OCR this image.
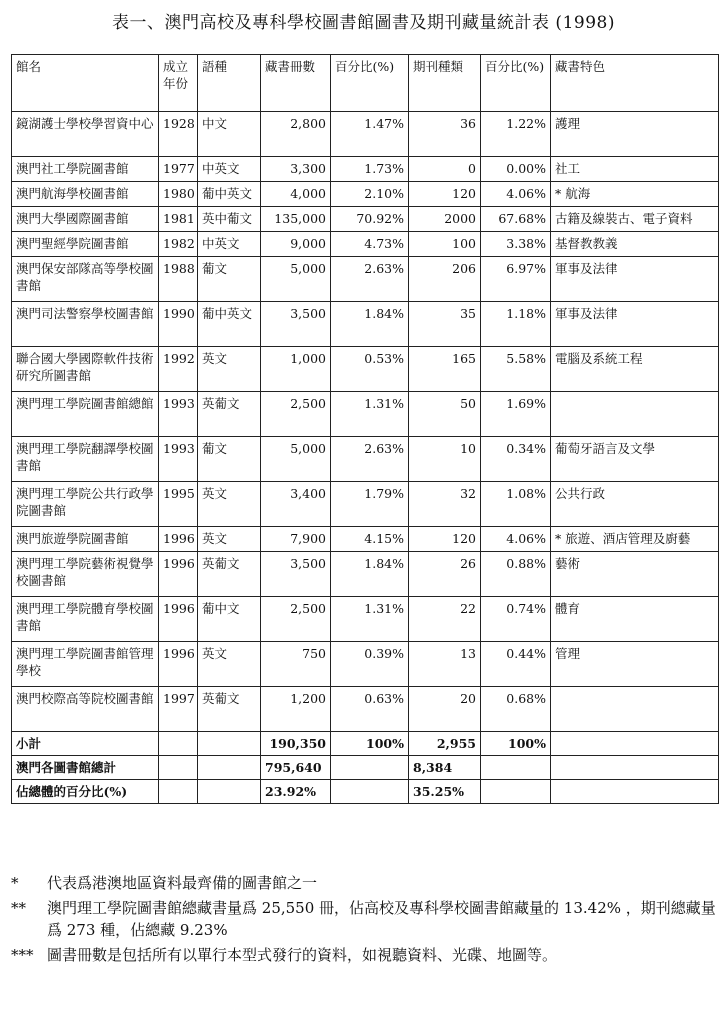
表一、澳門高校及專科學校圖書館圖書及期刊藏量統計表 (1998)
館名	成立年份	語種	藏書冊數	百分比(%)	期刊種類	百分比(%)	藏書特色
鏡湖護士學校學習資中心	1928	中文	2,800	1.47%	36	1.22%	護理
澳門社工學院圖書館	1977	中英文	3,300	1.73%	0	0.00%	社工
澳門航海學校圖書館	1980	葡中英文	4,000	2.10%	120	4.06%	* 航海
澳門大學國際圖書館	1981	英中葡文	135,000	70.92%	2000	67.68%	古籍及線裝古、電子資料
澳門聖經學院圖書館	1982	中英文	9,000	4.73%	100	3.38%	基督教教義
澳門保安部隊高等學校圖書館	1988	葡文	5,000	2.63%	206	6.97%	軍事及法律
澳門司法警察學校圖書館	1990	葡中英文	3,500	1.84%	35	1.18%	軍事及法律
聯合國大學國際軟件技術研究所圖書館	1992	英文	1,000	0.53%	165	5.58%	電腦及系統工程
澳門理工學院圖書館總館	1993	英葡文	2,500	1.31%	50	1.69%	
澳門理工學院翻譯學校圖書館	1993	葡文	5,000	2.63%	10	0.34%	葡萄牙語言及文學
澳門理工學院公共行政學院圖書館	1995	英文	3,400	1.79%	32	1.08%	公共行政
澳門旅遊學院圖書館	1996	英文	7,900	4.15%	120	4.06%	* 旅遊、酒店管理及廚藝
澳門理工學院藝術視覺學校圖書館	1996	英葡文	3,500	1.84%	26	0.88%	藝術
澳門理工學院體育學校圖書館	1996	葡中文	2,500	1.31%	22	0.74%	體育
澳門理工學院圖書館管理學校	1996	英文	750	0.39%	13	0.44%	管理
澳門校際高等院校圖書館	1997	英葡文	1,200	0.63%	20	0.68%	
小計			190,350	100%	2,955	100%	
澳門各圖書館總計			795,640		8,384		
佔總體的百分比(%)			23.92%		35.25%		
*	代表爲港澳地區資料最齊備的圖書館之一
**	澳門理工學院圖書館總藏書量爲 25,550 冊，佔高校及專科學校圖書館藏量的 13.42% ，期刊總藏量爲 273 種，佔總藏 9.23%
*** 圖書冊數是包括所有以單行本型式發行的資料，如視聽資料、光碟、地圖等。
